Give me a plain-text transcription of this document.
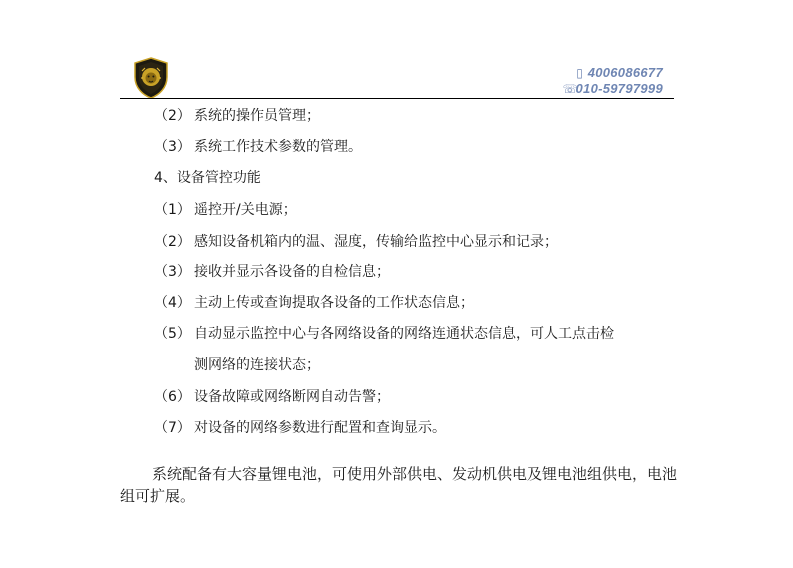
▯ 4006086677
☏
010-59797999
（2） 系统的操作员管理；
（3） 系统工作技术参数的管理。
4、设备管控功能
（1） 遥控开/关电源；
（2） 感知设备机箱内的温、湿度，传输给监控中心显示和记录；
（3） 接收并显示各设备的自检信息；
（4） 主动上传或查询提取各设备的工作状态信息；
（5） 自动显示监控中心与各网络设备的网络连通状态信息，可人工点击检
测网络的连接状态；
（6） 设备故障或网络断网自动告警；
（7） 对设备的网络参数进行配置和查询显示。
系统配备有大容量锂电池，可使用外部供电、发动机供电及锂电池组供电，电池组可扩展。
